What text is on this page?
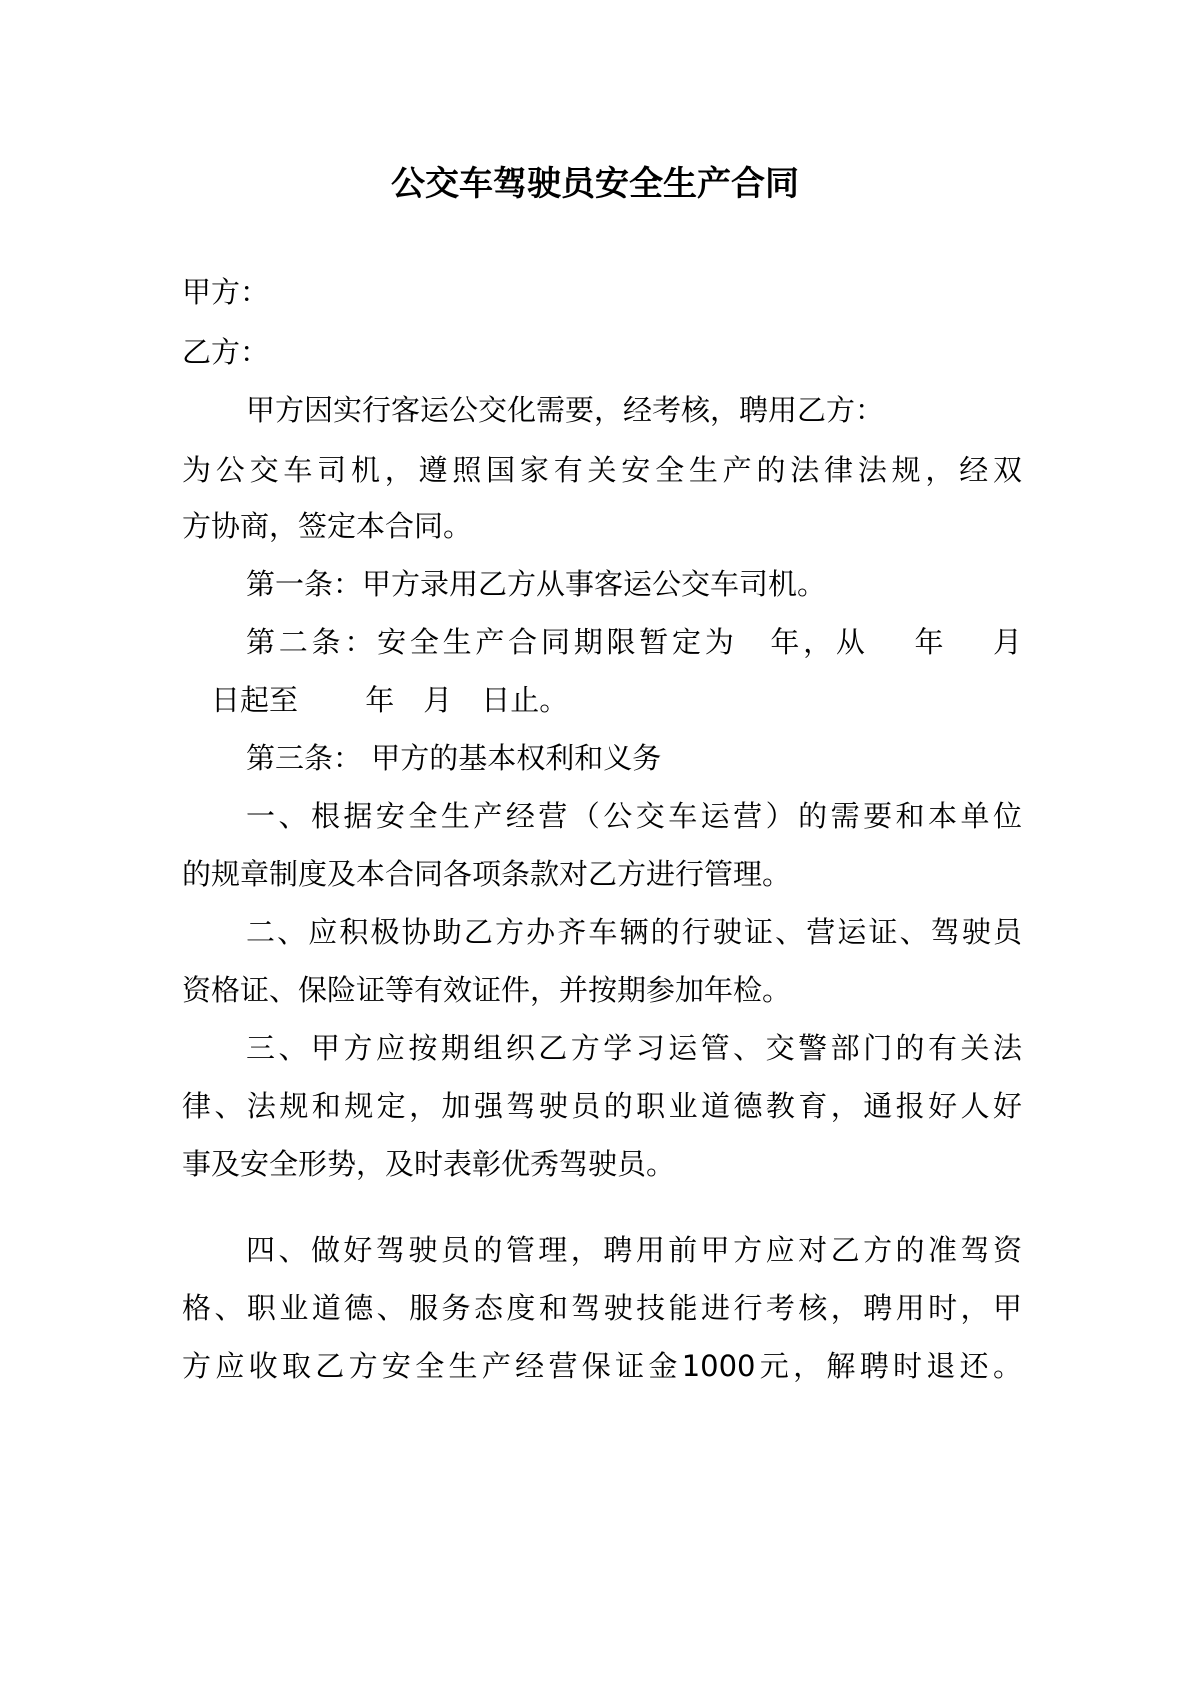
公交车驾驶员安全生产合同
甲方：
乙方：
甲方因实行客运公交化需要，经考核，聘用乙方：
为公交车司机，遵照国家有关安全生产的法律法规，经双
方协商，签定本合同。
第一条：甲方录用乙方从事客运公交车司机。
第二条：安全生产合同期限暂定为　年，从　 年　 月
　日起至　　 年　月　日止。
第三条： 甲方的基本权利和义务
一、根据安全生产经营（公交车运营）的需要和本单位
的规章制度及本合同各项条款对乙方进行管理。
二、应积极协助乙方办齐车辆的行驶证、营运证、驾驶员
资格证、保险证等有效证件，并按期参加年检。
三、甲方应按期组织乙方学习运管、交警部门的有关法
律、法规和规定，加强驾驶员的职业道德教育，通报好人好
事及安全形势，及时表彰优秀驾驶员。
四、做好驾驶员的管理，聘用前甲方应对乙方的准驾资
格、职业道德、服务态度和驾驶技能进行考核，聘用时，甲
方应收取乙方安全生产经营保证金1000元，解聘时退还。
